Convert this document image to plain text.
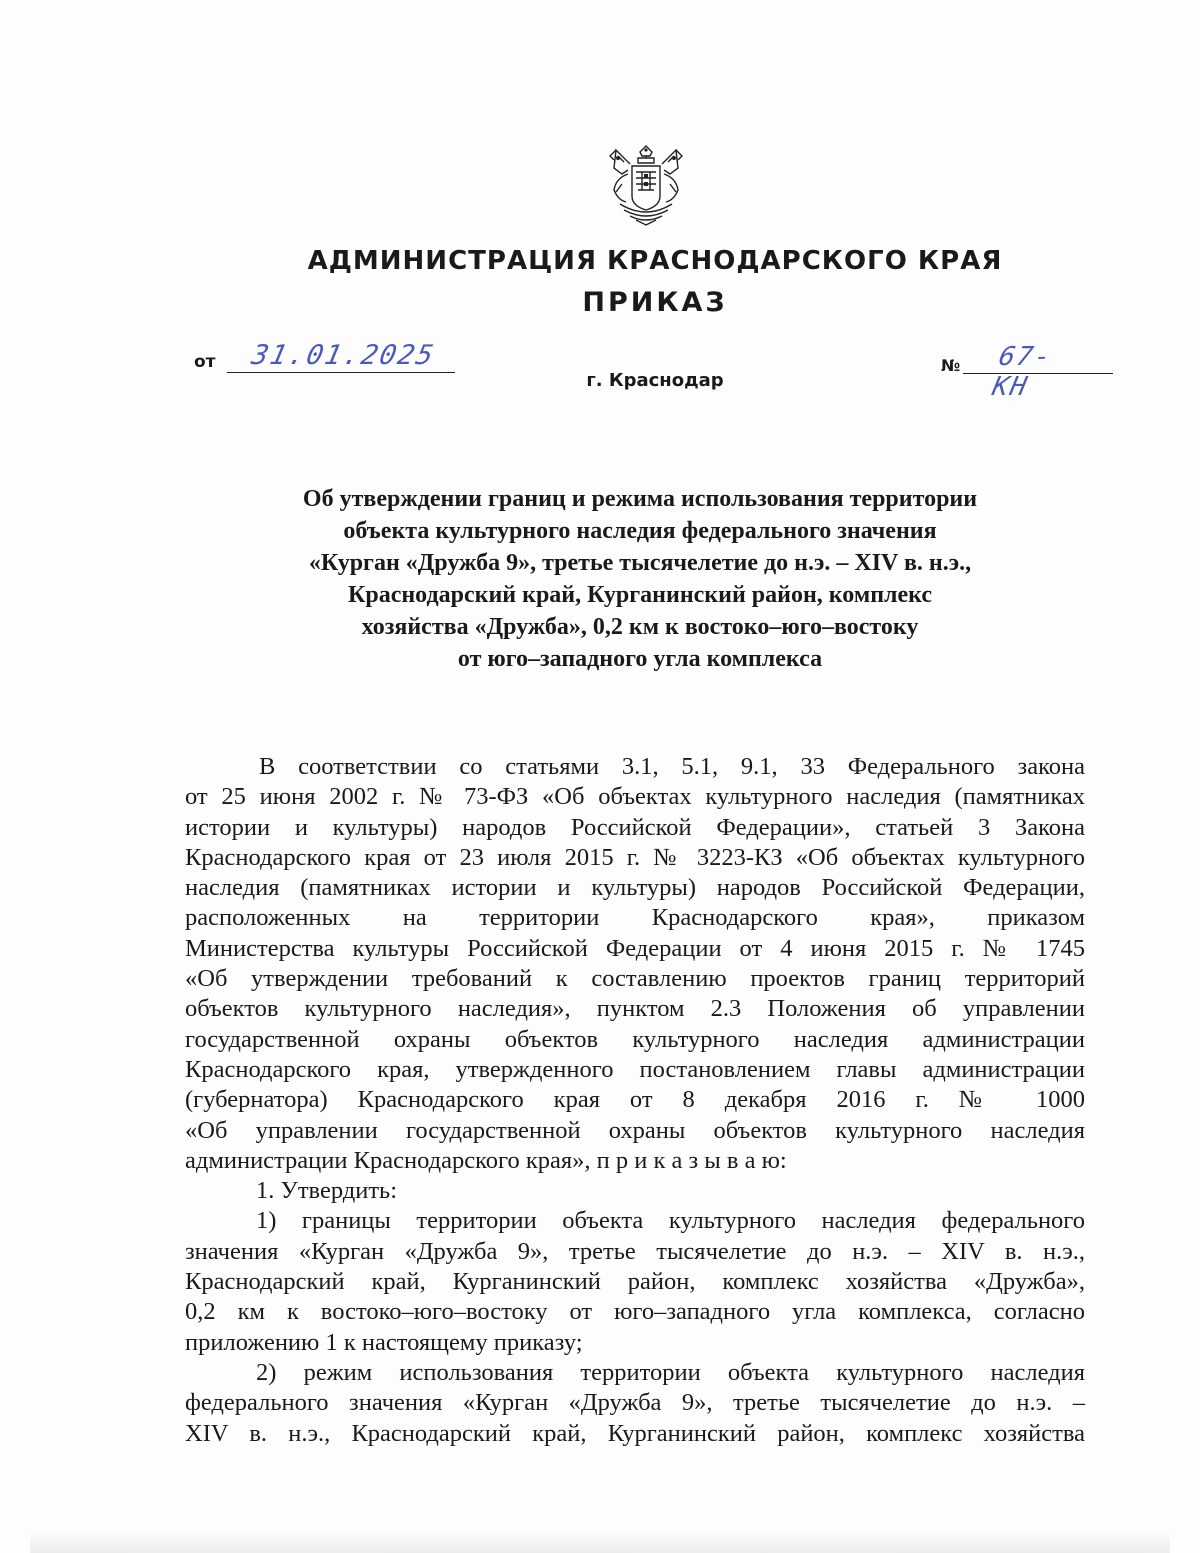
АДМИНИСТРАЦИЯ КРАСНОДАРСКОГО КРАЯ
ПРИКАЗ
от 31.01.2025
г. Краснодар
№ 67-КН
Об утверждении границ и режима использования территории
объекта культурного наследия федерального значения
«Курган «Дружба 9», третье тысячелетие до н.э. – XIV в. н.э.,
Краснодарский край, Курганинский район, комплекс
хозяйства «Дружба», 0,2 км к востоко–юго–востоку
от юго–западного угла комплекса
В соответствии со статьями 3.1, 5.1, 9.1, 33 Федерального закона
от 25 июня 2002 г. № 73-ФЗ «Об объектах культурного наследия (памятниках
истории и культуры) народов Российской Федерации», статьей 3 Закона
Краснодарского края от 23 июля 2015 г. № 3223-КЗ «Об объектах культурного
наследия (памятниках истории и культуры) народов Российской Федерации,
расположенных на территории Краснодарского края», приказом
Министерства культуры Российской Федерации от 4 июня 2015 г. № 1745
«Об утверждении требований к составлению проектов границ территорий
объектов культурного наследия», пунктом 2.3 Положения об управлении
государственной охраны объектов культурного наследия администрации
Краснодарского края, утвержденного постановлением главы администрации
(губернатора) Краснодарского края от 8 декабря 2016 г. № 1000
«Об управлении государственной охраны объектов культурного наследия
администрации Краснодарского края», п р и к а з ы в а ю:
1. Утвердить:
1) границы территории объекта культурного наследия федерального
значения «Курган «Дружба 9», третье тысячелетие до н.э. – XIV в. н.э.,
Краснодарский край, Курганинский район, комплекс хозяйства «Дружба»,
0,2 км к востоко–юго–востоку от юго–западного угла комплекса, согласно
приложению 1 к настоящему приказу;
2) режим использования территории объекта культурного наследия
федерального значения «Курган «Дружба 9», третье тысячелетие до н.э. –
XIV в. н.э., Краснодарский край, Курганинский район, комплекс хозяйства
